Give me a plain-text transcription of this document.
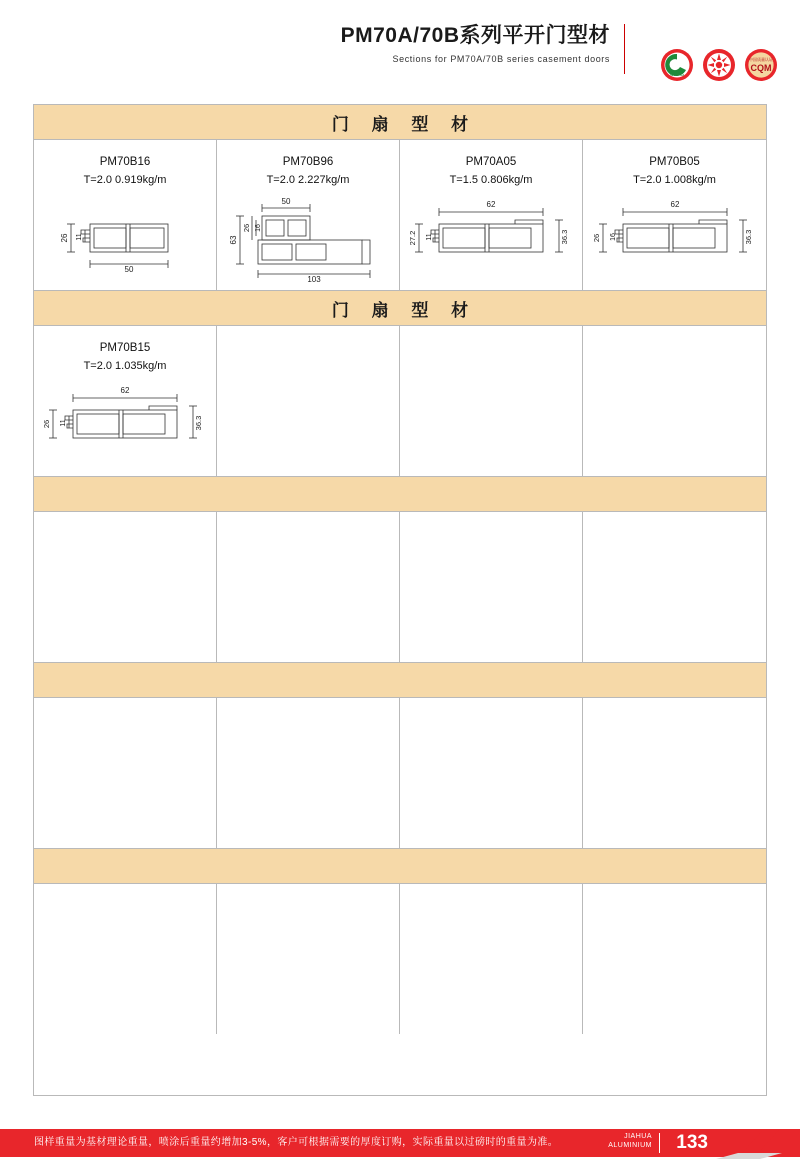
PM70A/70B系列平开门型材
Sections for PM70A/70B series casement doors
CNAS
中国质量认证
CQM
门 扇 型 材
PM70B16
T=2.0 0.919kg/m
50
26 11
PM70B96
T=2.0 2.227kg/m
50
103
63
26 16
PM70A05
T=1.5 0.806kg/m
62
27.2 11	36.3
PM70B05
T=2.0 1.008kg/m
62
26 16	36.3
门 扇 型 材
PM70B15
T=2.0 1.035kg/m
62
26 11	36.3
图样重量为基材理论重量，喷涂后重量约增加3-5%，客户可根据需要的厚度订购，实际重量以过磅时的重量为准。
JIAHUA
ALUMINIUM 133
